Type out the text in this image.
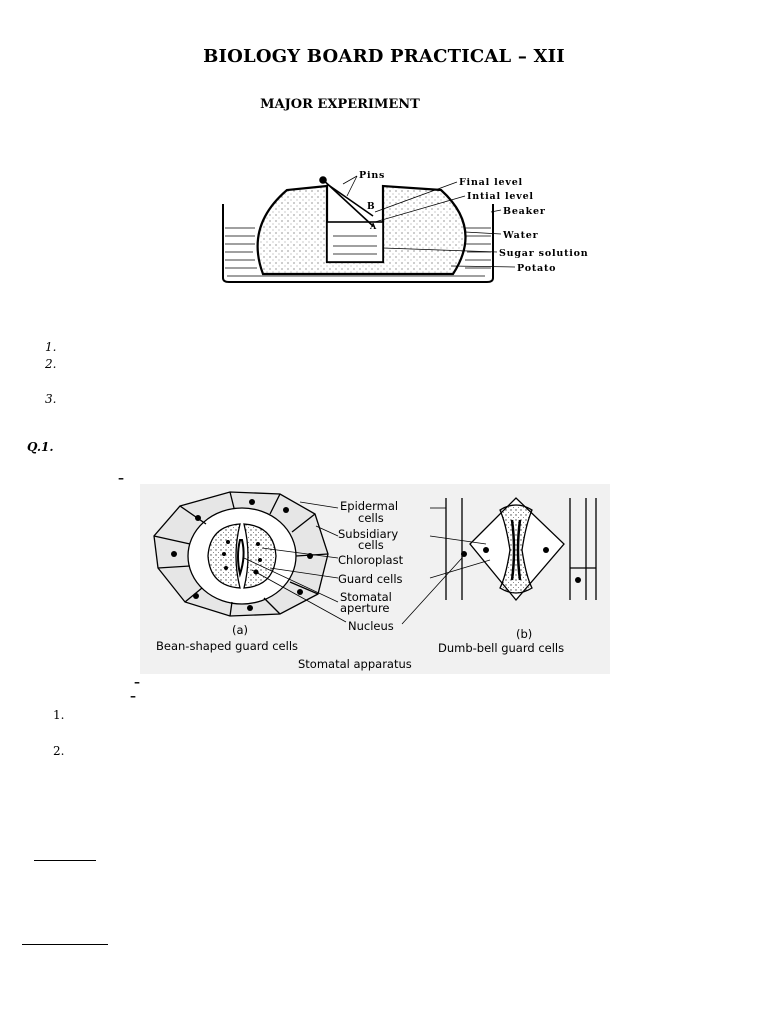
BIOLOGY BOARD PRACTICAL – XII
MAJOR EXPERIMENT
B
A
Pins
Final level
Intial level
Beaker
Water
Sugar solution
Potato
1.
2.
3.
Q.1.
–
Epidermal
cells
Subsidiary
cells
Chloroplast
Guard cells
Stomatal
aperture
Nucleus
(a)	(b)
Bean-shaped guard cells	Dumb-bell guard cells
Stomatal apparatus
–
–
1.
2.
